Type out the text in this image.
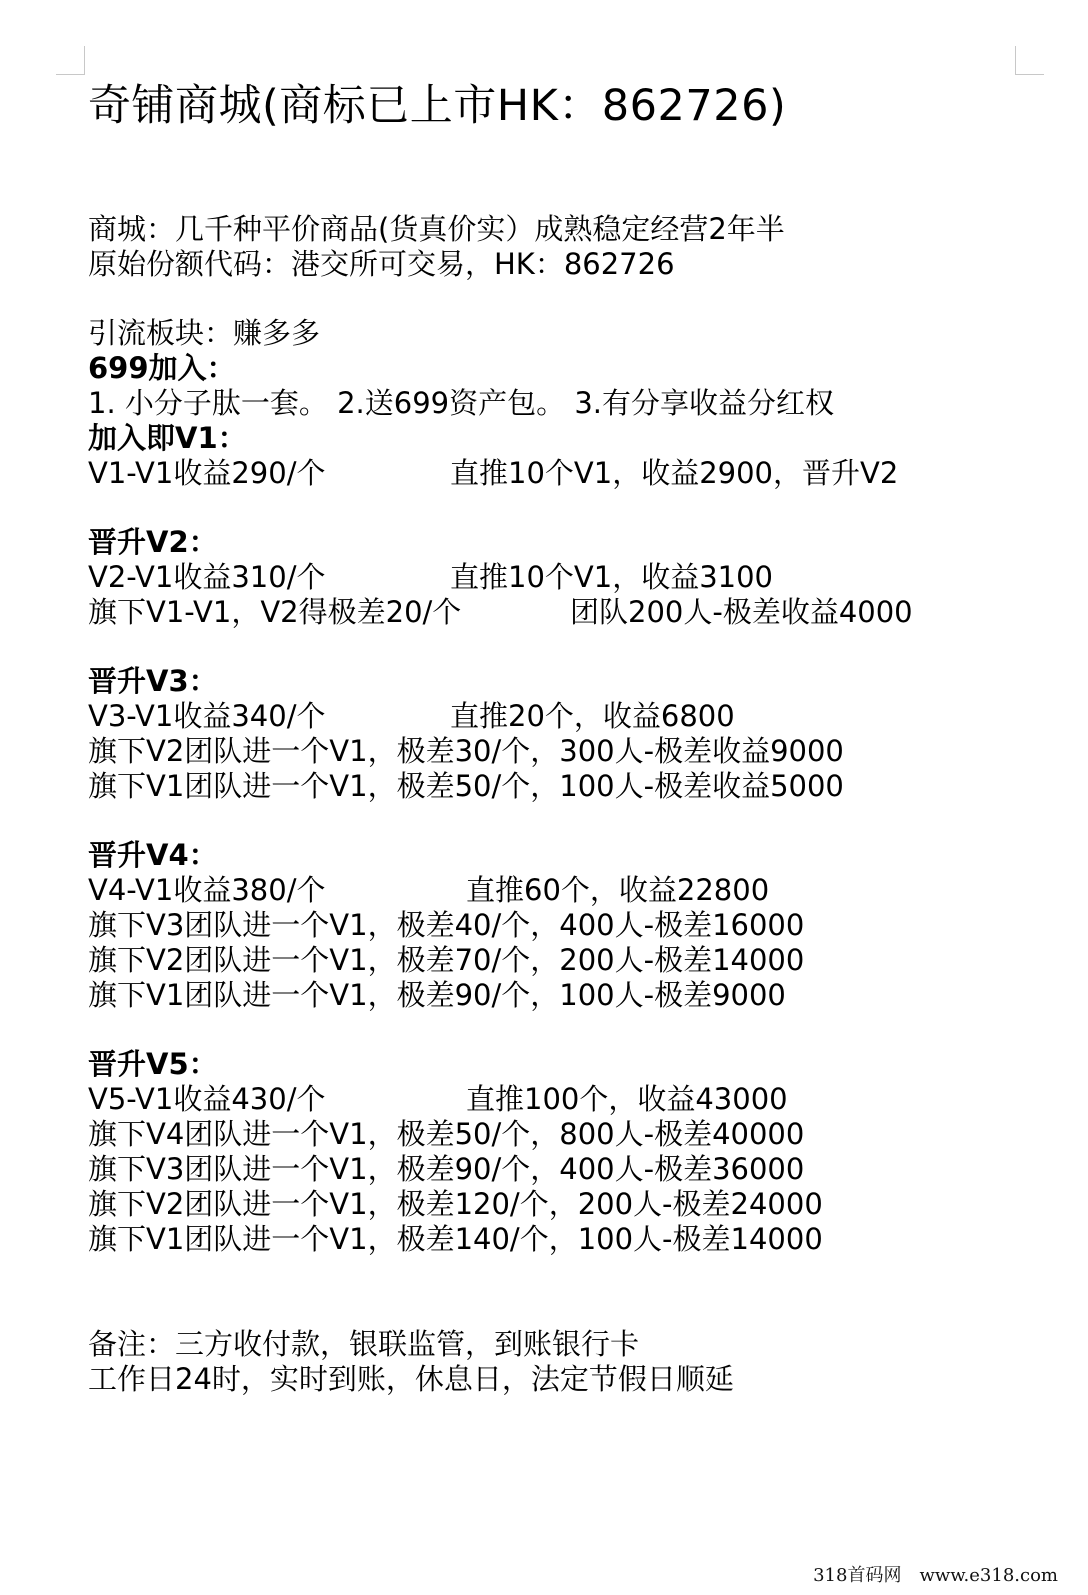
奇铺商城(商标已上市HK：862726)
商城：几千种平价商品(货真价实）成熟稳定经营2年半
原始份额代码：港交所可交易，HK：862726
引流板块：赚多多
699加入：
1. 小分子肽一套。 2.送699资产包。 3.有分享收益分红权
加入即V1：
V1-V1收益290/个	直推10个V1，收益2900，晋升V2
晋升V2：
V2-V1收益310/个	直推10个V1，收益3100
旗下V1-V1，V2得极差20/个	团队200人-极差收益4000
晋升V3：
V3-V1收益340/个	直推20个，收益6800
旗下V2团队进一个V1，极差30/个，300人-极差收益9000
旗下V1团队进一个V1，极差50/个，100人-极差收益5000
晋升V4：
V4-V1收益380/个	直推60个，收益22800
旗下V3团队进一个V1，极差40/个，400人-极差16000
旗下V2团队进一个V1，极差70/个，200人-极差14000
旗下V1团队进一个V1，极差90/个，100人-极差9000
晋升V5：
V5-V1收益430/个	直推100个，收益43000
旗下V4团队进一个V1，极差50/个，800人-极差40000
旗下V3团队进一个V1，极差90/个，400人-极差36000
旗下V2团队进一个V1，极差120/个，200人-极差24000
旗下V1团队进一个V1，极差140/个，100人-极差14000
备注：三方收付款，银联监管，到账银行卡
工作日24时，实时到账，休息日，法定节假日顺延
318首码网　www.e318.com
